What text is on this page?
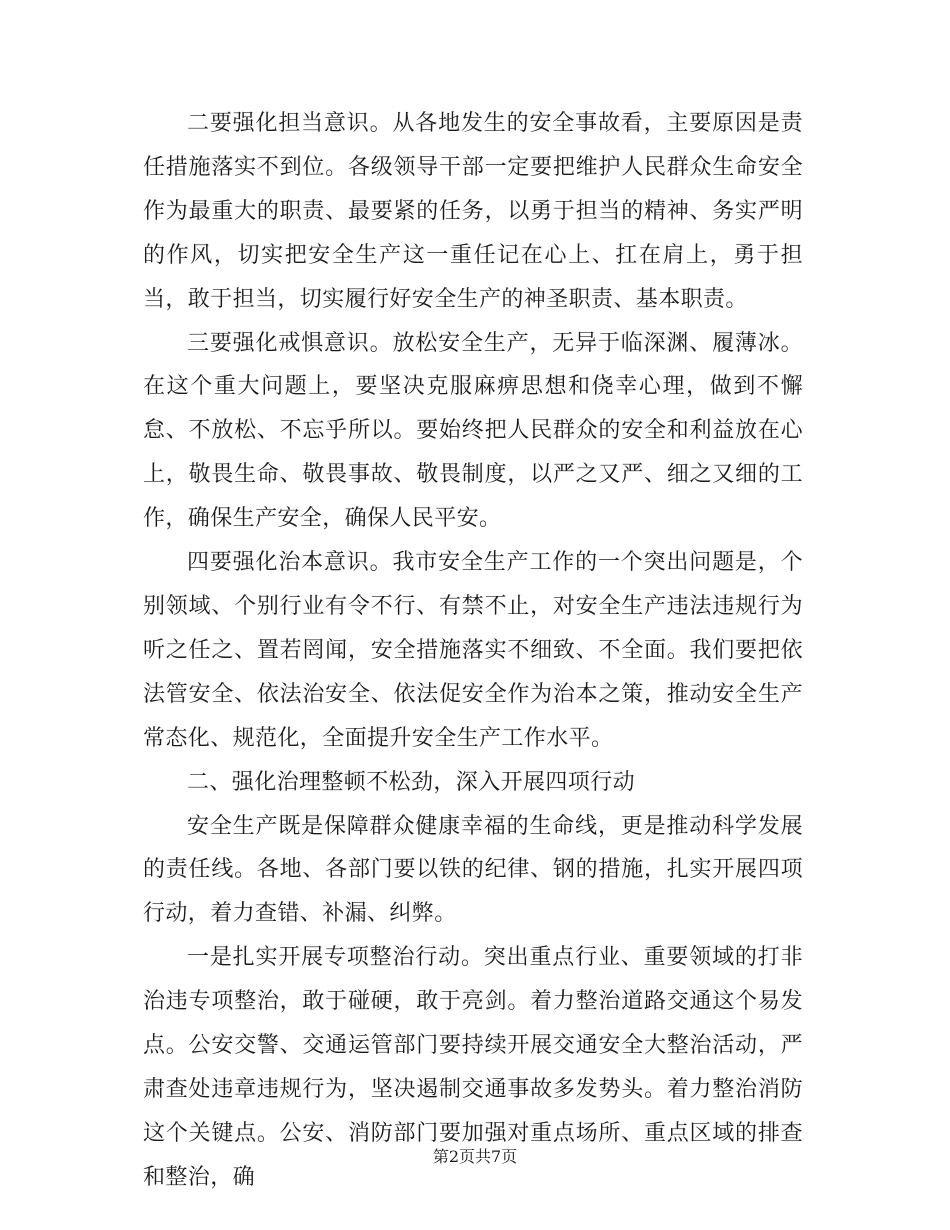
二要强化担当意识。从各地发生的安全事故看，主要原因是责任措施落实不到位。各级领导干部一定要把维护人民群众生命安全作为最重大的职责、最要紧的任务，以勇于担当的精神、务实严明的作风，切实把安全生产这一重任记在心上、扛在肩上，勇于担当，敢于担当，切实履行好安全生产的神圣职责、基本职责。

三要强化戒惧意识。放松安全生产，无异于临深渊、履薄冰。在这个重大问题上，要坚决克服麻痹思想和侥幸心理，做到不懈怠、不放松、不忘乎所以。要始终把人民群众的安全和利益放在心上，敬畏生命、敬畏事故、敬畏制度，以严之又严、细之又细的工作，确保生产安全，确保人民平安。

四要强化治本意识。我市安全生产工作的一个突出问题是，个别领域、个别行业有令不行、有禁不止，对安全生产违法违规行为听之任之、置若罔闻，安全措施落实不细致、不全面。我们要把依法管安全、依法治安全、依法促安全作为治本之策，推动安全生产常态化、规范化，全面提升安全生产工作水平。

二、强化治理整顿不松劲，深入开展四项行动

安全生产既是保障群众健康幸福的生命线，更是推动科学发展的责任线。各地、各部门要以铁的纪律、钢的措施，扎实开展四项行动，着力查错、补漏、纠弊。

一是扎实开展专项整治行动。突出重点行业、重要领域的打非治违专项整治，敢于碰硬，敢于亮剑。着力整治道路交通这个易发点。公安交警、交通运管部门要持续开展交通安全大整治活动，严肃查处违章违规行为，坚决遏制交通事故多发势头。着力整治消防这个关键点。公安、消防部门要加强对重点场所、重点区域的排查和整治，确

第2页共7页
